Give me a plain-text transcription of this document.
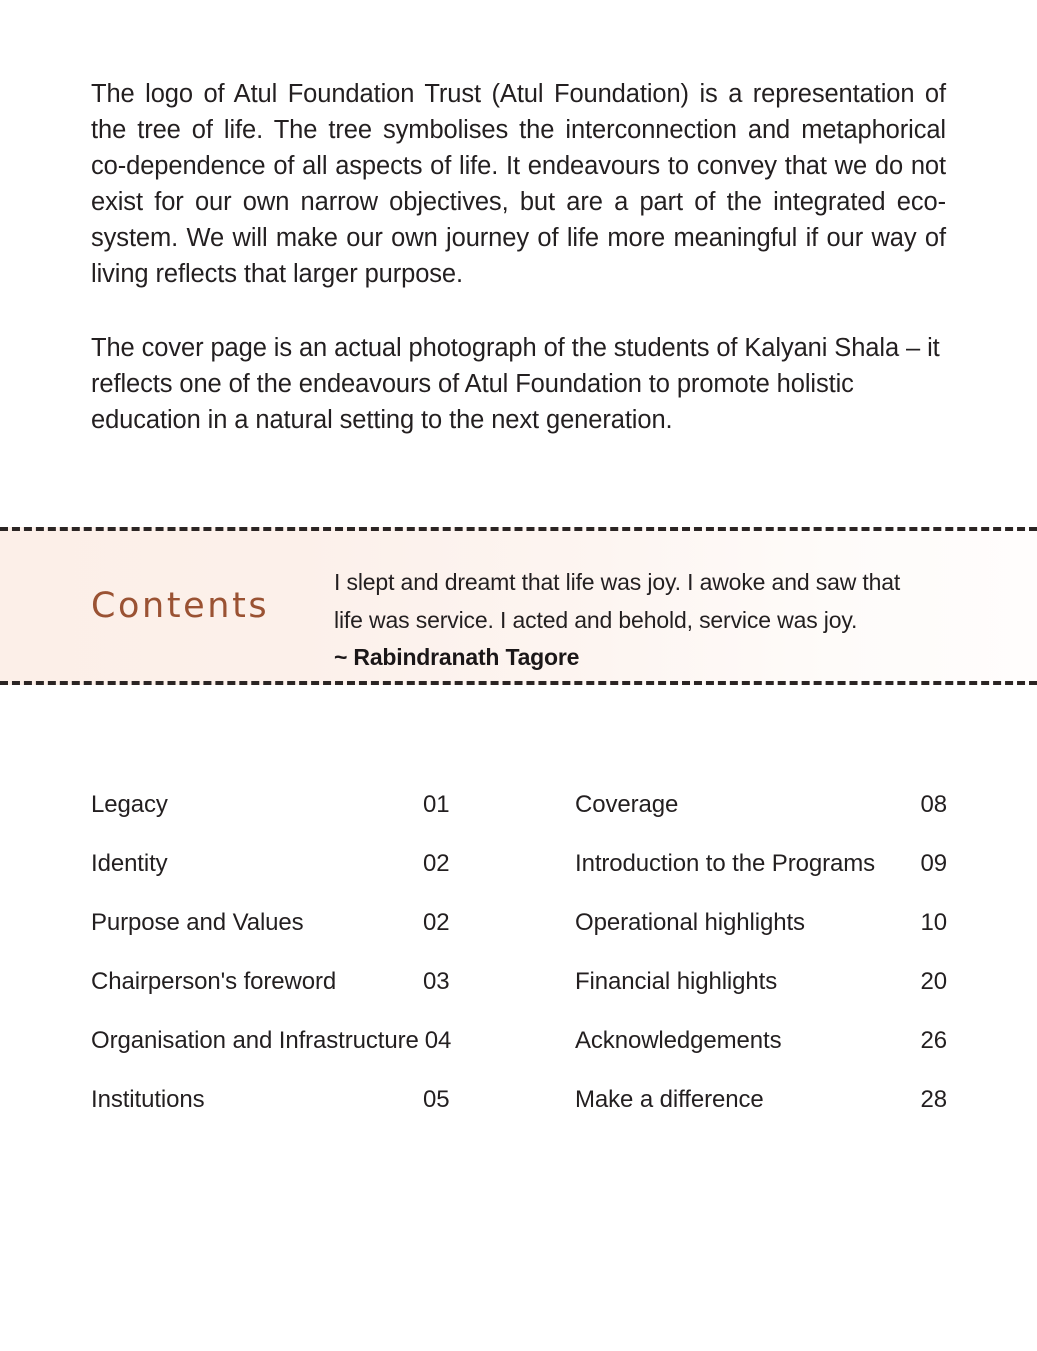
The logo of Atul Foundation Trust (Atul Foundation) is a representation of the tree of life. The tree symbolises the interconnection and metaphorical co-dependence of all aspects of life. It endeavours to convey that we do not exist for our own narrow objectives, but are a part of the integrated eco-system. We will make our own journey of life more meaningful if our way of living reflects that larger purpose.

The cover page is an actual photograph of the students of Kalyani Shala – it reflects one of the endeavours of Atul Foundation to promote holistic education in a natural setting to the next generation.

Contents
I slept and dreamt that life was joy. I awoke and saw that
life was service. I acted and behold, service was joy.
~ Rabindranath Tagore
Legacy	01
Identity	02
Purpose and Values	02
Chairperson's foreword	03
Organisation and Infrastructure 04
Institutions	05
Coverage	08
Introduction to the Programs	09
Operational highlights	10
Financial highlights	20
Acknowledgements	26
Make a difference	28
